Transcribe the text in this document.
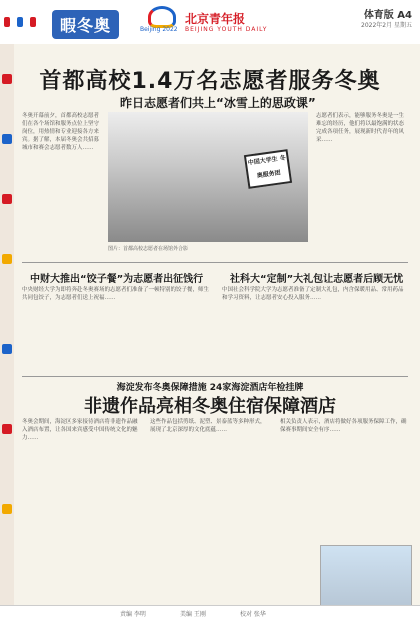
暇冬奥	Beijing 2022
北京青年报
BEIJING YOUTH DAILY
体育版 A4
2022年2月 星期五
首都高校1.4万名志愿者服务冬奥
昨日志愿者们共上“冰雪上的思政课”
冬奥开幕前夕，首都高校志愿者们在各个场馆和服务点位上坚守岗位，用热情和专业迎接各方来宾。据了解，本届冬奥会共招募城市和赛会志愿者数万人……
中国大学生 冬奥服务团
图片：首都高校志愿者在场馆外合影
志愿者们表示，能够服务冬奥是一生难忘的经历，他们将以最饱满的状态完成各项任务，展现新时代青年的风采……
中财大推出“饺子餐”为志愿者出征饯行
中央财经大学为即将奔赴冬奥赛场的志愿者们准备了一顿特别的饺子餐，师生共同包饺子，为志愿者们送上祝福……
社科大“定制”大礼包让志愿者后顾无忧
中国社会科学院大学为志愿者准备了定制大礼包，内含保暖用品、常用药品和学习资料，让志愿者安心投入服务……
海淀发布冬奥保障措施 24家海淀酒店年检挂牌
非遗作品亮相冬奥住宿保障酒店
冬奥会期间，海淀区多家接待酒店将非遗作品融入酒店布置，让各国来宾感受中国传统文化的魅力……
这些作品包括剪纸、泥塑、景泰蓝等多种形式，展现了北京深厚的文化底蕴……
相关负责人表示，酒店将做好各项服务保障工作，确保赛事期间安全有序……
责编 李明	美编 王刚	校对 张华
